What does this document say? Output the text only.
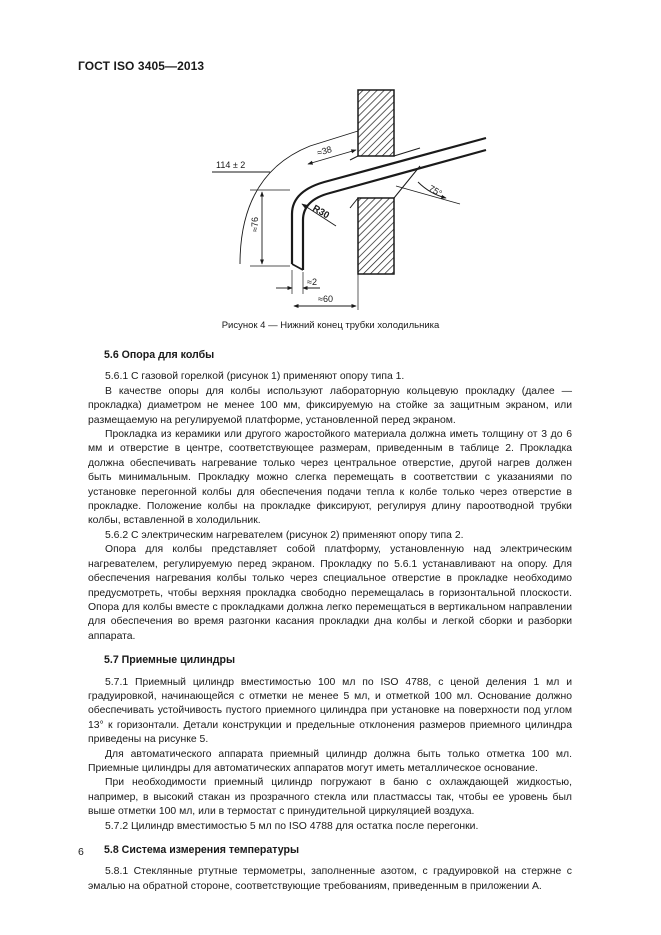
ГОСТ ISO 3405—2013
114 ± 2
≈38
75°
R30
≈76
≈2
≈60
Рисунок 4 — Нижний конец трубки холодильника
5.6 Опора для колбы

5.6.1 С газовой горелкой (рисунок 1) применяют опору типа 1.

В качестве опоры для колбы используют лабораторную кольцевую прокладку (далее — прокладка) диаметром не менее 100 мм, фиксируемую на стойке за защитным экраном, или размещаемую на регулируемой платформе, установленной перед экраном.

Прокладка из керамики или другого жаростойкого материала должна иметь толщину от 3 до 6 мм и отверстие в центре, соответствующее размерам, приведенным в таблице 2. Прокладка должна обеспечивать нагревание только через центральное отверстие, другой нагрев должен быть минимальным. Прокладку можно слегка перемещать в соответствии с указаниями по установке перегонной колбы для обеспечения подачи тепла к колбе только через отверстие в прокладке. Положение колбы на прокладке фиксируют, регулируя длину пароотводной трубки колбы, вставленной в холодильник.

5.6.2 С электрическим нагревателем (рисунок 2) применяют опору типа 2.

Опора для колбы представляет собой платформу, установленную над электрическим нагревателем, регулируемую перед экраном. Прокладку по 5.6.1 устанавливают на опору. Для обеспечения нагревания колбы только через специальное отверстие в прокладке необходимо предусмотреть, чтобы верхняя прокладка свободно перемещалась в горизонтальной плоскости. Опора для колбы вместе с прокладками должна легко перемещаться в вертикальном направлении для обеспечения во время разгонки касания прокладки дна колбы и легкой сборки и разборки аппарата.

5.7 Приемные цилиндры

5.7.1 Приемный цилиндр вместимостью 100 мл по ISO 4788, с ценой деления 1 мл и градуировкой, начинающейся с отметки не менее 5 мл, и отметкой 100 мл. Основание должно обеспечивать устойчивость пустого приемного цилиндра при установке на поверхности под углом 13° к горизонтали. Детали конструкции и предельные отклонения размеров приемного цилиндра приведены на рисунке 5.

Для автоматического аппарата приемный цилиндр должна быть только отметка 100 мл. Приемные цилиндры для автоматических аппаратов могут иметь металлическое основание.

При необходимости приемный цилиндр погружают в баню с охлаждающей жидкостью, например, в высокий стакан из прозрачного стекла или пластмассы так, чтобы ее уровень был выше отметки 100 мл, или в термостат с принудительной циркуляцией воздуха.

5.7.2 Цилиндр вместимостью 5 мл по ISO 4788 для остатка после перегонки.

5.8 Система измерения температуры

5.8.1 Стеклянные ртутные термометры, заполненные азотом, с градуировкой на стержне с эмалью на обратной стороне, соответствующие требованиям, приведенным в приложении А.

6
